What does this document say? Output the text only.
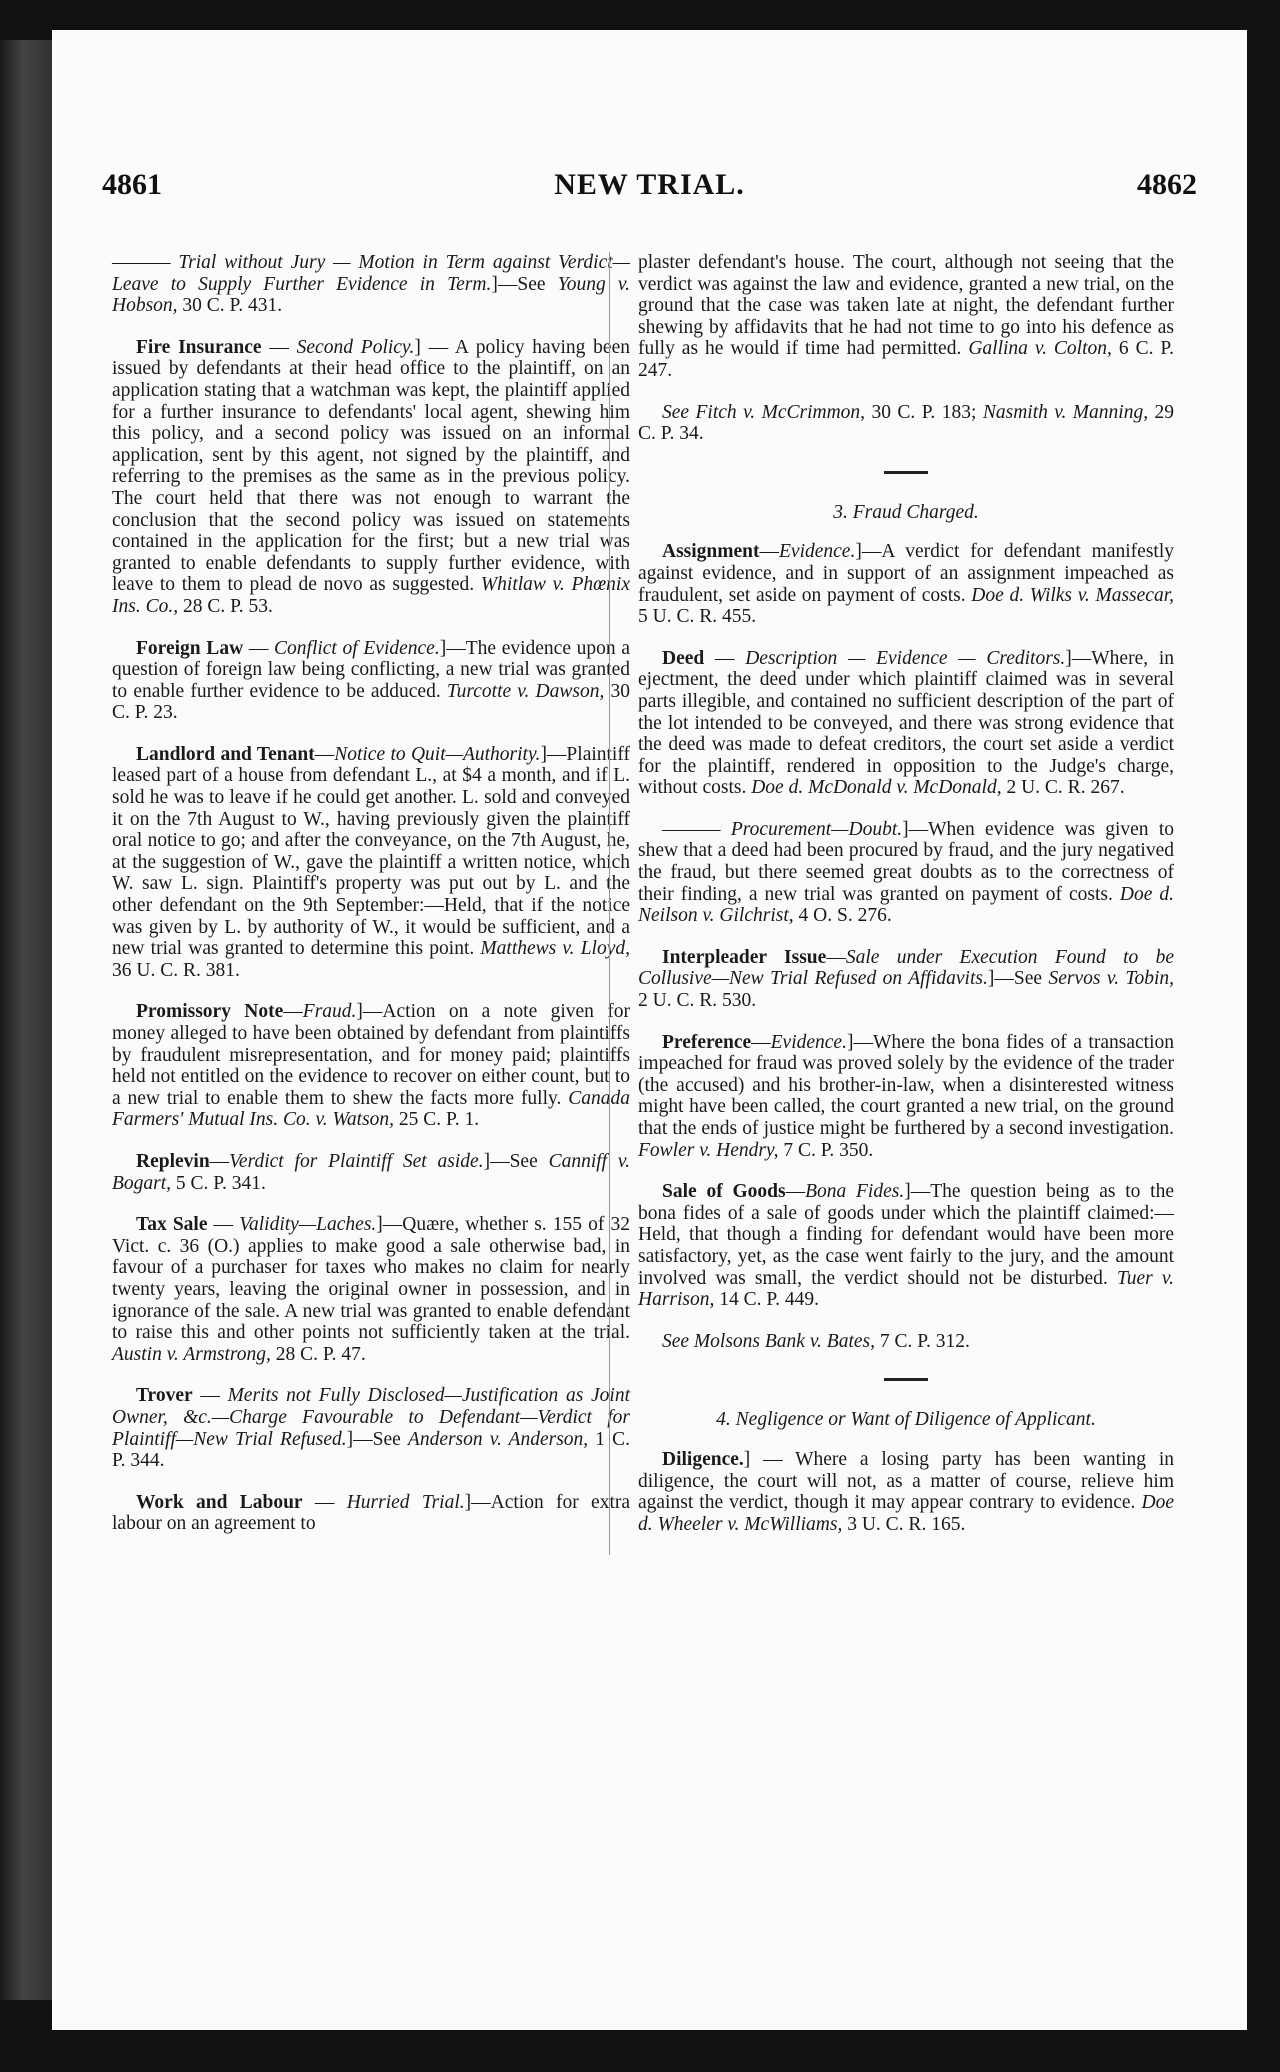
4861	NEW TRIAL.	4862

——— Trial without Jury — Motion in Term against Verdict—Leave to Supply Further Evidence in Term.]—See Young v. Hobson, 30 C. P. 431.

Fire Insurance — Second Policy.] — A policy having been issued by defendants at their head office to the plaintiff, on an application stating that a watchman was kept, the plaintiff applied for a further insurance to defendants' local agent, shewing him this policy, and a second policy was issued on an informal application, sent by this agent, not signed by the plaintiff, and referring to the premises as the same as in the previous policy. The court held that there was not enough to warrant the conclusion that the second policy was issued on statements contained in the application for the first; but a new trial was granted to enable defendants to supply further evidence, with leave to them to plead de novo as suggested. Whitlaw v. Phœnix Ins. Co., 28 C. P. 53.

Foreign Law — Conflict of Evidence.]—The evidence upon a question of foreign law being conflicting, a new trial was granted to enable further evidence to be adduced. Turcotte v. Dawson, 30 C. P. 23.

Landlord and Tenant—Notice to Quit—Authority.]—Plaintiff leased part of a house from defendant L., at $4 a month, and if L. sold he was to leave if he could get another. L. sold and conveyed it on the 7th August to W., having previously given the plaintiff oral notice to go; and after the conveyance, on the 7th August, he, at the suggestion of W., gave the plaintiff a written notice, which W. saw L. sign. Plaintiff's property was put out by L. and the other defendant on the 9th September:—Held, that if the notice was given by L. by authority of W., it would be sufficient, and a new trial was granted to determine this point. Matthews v. Lloyd, 36 U. C. R. 381.

Promissory Note—Fraud.]—Action on a note given for money alleged to have been obtained by defendant from plaintiffs by fraudulent misrepresentation, and for money paid; plaintiffs held not entitled on the evidence to recover on either count, but to a new trial to enable them to shew the facts more fully. Canada Farmers' Mutual Ins. Co. v. Watson, 25 C. P. 1.

Replevin—Verdict for Plaintiff Set aside.]—See Canniff v. Bogart, 5 C. P. 341.

Tax Sale — Validity—Laches.]—Quære, whether s. 155 of 32 Vict. c. 36 (O.) applies to make good a sale otherwise bad, in favour of a purchaser for taxes who makes no claim for nearly twenty years, leaving the original owner in possession, and in ignorance of the sale. A new trial was granted to enable defendant to raise this and other points not sufficiently taken at the trial. Austin v. Armstrong, 28 C. P. 47.

Trover — Merits not Fully Disclosed—Justification as Joint Owner, &c.—Charge Favourable to Defendant—Verdict for Plaintiff—New Trial Refused.]—See Anderson v. Anderson, 1 C. P. 344.

Work and Labour — Hurried Trial.]—Action for extra labour on an agreement to

plaster defendant's house. The court, although not seeing that the verdict was against the law and evidence, granted a new trial, on the ground that the case was taken late at night, the defendant further shewing by affidavits that he had not time to go into his defence as fully as he would if time had permitted. Gallina v. Colton, 6 C. P. 247.

See Fitch v. McCrimmon, 30 C. P. 183; Nasmith v. Manning, 29 C. P. 34.

3. Fraud Charged.

Assignment—Evidence.]—A verdict for defendant manifestly against evidence, and in support of an assignment impeached as fraudulent, set aside on payment of costs. Doe d. Wilks v. Massecar, 5 U. C. R. 455.

Deed — Description — Evidence — Creditors.]—Where, in ejectment, the deed under which plaintiff claimed was in several parts illegible, and contained no sufficient description of the part of the lot intended to be conveyed, and there was strong evidence that the deed was made to defeat creditors, the court set aside a verdict for the plaintiff, rendered in opposition to the Judge's charge, without costs. Doe d. McDonald v. McDonald, 2 U. C. R. 267.

——— Procurement—Doubt.]—When evidence was given to shew that a deed had been procured by fraud, and the jury negatived the fraud, but there seemed great doubts as to the correctness of their finding, a new trial was granted on payment of costs. Doe d. Neilson v. Gilchrist, 4 O. S. 276.

Interpleader Issue—Sale under Execution Found to be Collusive—New Trial Refused on Affidavits.]—See Servos v. Tobin, 2 U. C. R. 530.

Preference—Evidence.]—Where the bona fides of a transaction impeached for fraud was proved solely by the evidence of the trader (the accused) and his brother-in-law, when a disinterested witness might have been called, the court granted a new trial, on the ground that the ends of justice might be furthered by a second investigation. Fowler v. Hendry, 7 C. P. 350.

Sale of Goods—Bona Fides.]—The question being as to the bona fides of a sale of goods under which the plaintiff claimed:—Held, that though a finding for defendant would have been more satisfactory, yet, as the case went fairly to the jury, and the amount involved was small, the verdict should not be disturbed. Tuer v. Harrison, 14 C. P. 449.

See Molsons Bank v. Bates, 7 C. P. 312.

4. Negligence or Want of Diligence of Applicant.

Diligence.] — Where a losing party has been wanting in diligence, the court will not, as a matter of course, relieve him against the verdict, though it may appear contrary to evidence. Doe d. Wheeler v. McWilliams, 3 U. C. R. 165.
